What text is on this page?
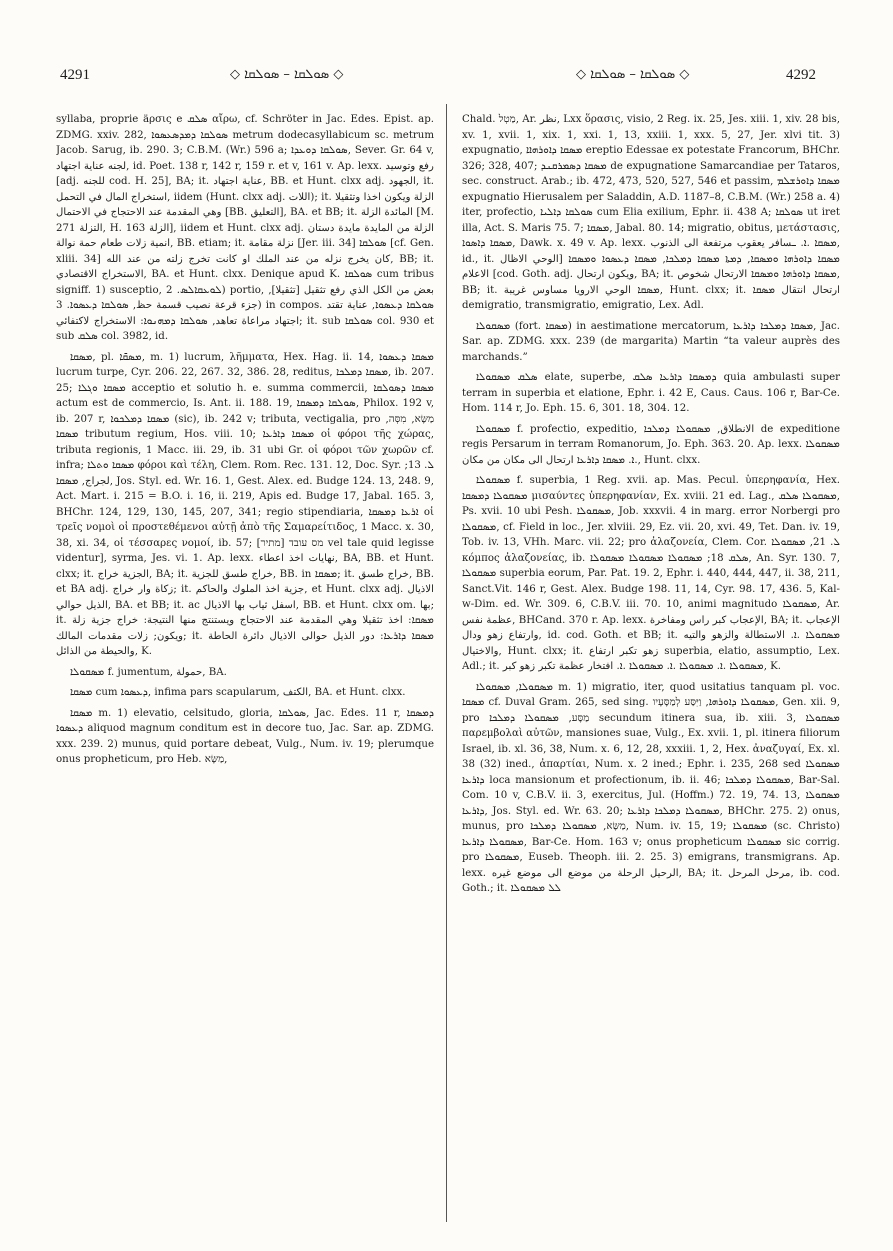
4291	◇ ܣܘܠܩܐ – ܣܘܠܩܐ ◇	◇ ܣܘܠܩܐ – ܣܘܠܩܐ ◇	4292

syllaba, proprie äρσις e ܣܠܩ αἴρω, cf. Schröter in Jac. Edes. Epist. ap. ZDMG. xxiv. 282, ܣܘܠܩܐ ܕܡܕܣܥܣܘܐ metrum dodecasyllabicum sc. metrum Jacob. Sarug, ib. 290. 3; C.B.M. (Wr.) 596 a; ܣܘܠܩܐ ܕܘܥܕܐ, Sever. Gr. 64 v, لجنه عناية اجتهاد, id. Poet. 138 r, 142 r, 159 r. et v, 161 v. Ap. lexx. رفع وتوسيد [adj. للجنه cod. H. 25], BA; it. عناية اجتهاد, BB. et Hunt. clxx adj. الجهود, it. استخراج المال في التحمل, iidem (Hunt. clxx adj. اللات); it. الزلة ويكون اخذا وتثقيلا وهي المقدمة عند الاحتجاج في الاحتمال [BB. التعليق], BA. et BB; it. المائدة الزلة [M. 271 التزلة, H. 163 الزلة], iidem et Hunt. clxx adj. الزلة من المايدة مايدة دستان انمية زلات طعام حمة نوالة, BB. etiam; it. نزلة مقامة [Jer. iii. 34] ܣܘܠܩܐ [cf. Gen. xliii. 34] كان يخرج نزله من عند الملك او كانت تخرج زلته من عند الله, BB; it. الاستخراج الاقتصادي, BA. et Hunt. clxx. Denique apud K. ܣܘܠܩܐ cum tribus signiff. 1) susceptio, ܠܘܥܩܐܠܣ. 2) portio, بعض من الكل الذي رفع تثقيل [تثقيلا], جزء قرعة نصيب قسمة حظ, ܣܘܠܩܐ ܕܥܣܘܐ. 3) in compos. ܣܘܠܩܐ ܕܥܣܘܐ, عناية تقتد اجتهاد مراعاة تعاهد, ܣܘܠܩܐ ܕܡܗܢܘܐ: الاستخراج لاكتفائي; it. sub ܣܘܠܩܐ col. 930 et sub ܣܠܩ col. 3982, id.

ܡܣܩܐ, pl. ܡܣܩ̄ܐ, m. 1) lucrum, λῆμματα, Hex. Hag. ii. 14, ܡܣܩܐ ܕܥܣܘܐ lucrum turpe, Cyr. 206. 22, 267. 32, 386. 28, reditus, ܡܣܩܐ ܕܡܠܟܐ, ib. 207. 25; ܡܣܩܐ ܘܓܠܐ acceptio et solutio h. e. summa commercii, ܡܣܩܐ ܕܣܘܠܩܐ actum est de commercio, Is. Ant. ii. 188. 19, ܣܘܠܩܐ ܕܡܣܩܐ, Philox. 192 v, ib. 207 r, ܡܣܩܐ ܕܡܠܟܘܐ (sic), ib. 242 v; tributa, vectigalia, pro מַשָּׂא, מִסְּה, ܡܣܩܐ tributum regium, Hos. viii. 10; ܡܣܩܐ ܕܐܪܥܐ οἱ φόροι τῆς χώρας, tributa regionis, 1 Macc. iii. 29, ib. 31 ubi Gr. οἱ φόροι τῶν χωρῶν cf. infra; ܡܣܩܐ ܘܬܠܐ φόροι καὶ τέλη, Clem. Rom. Rec. 131. 12, Doc. Syr. ܠ. 13; لجراج, ܡܣܩܐ, Jos. Styl. ed. Wr. 16. 1, Gest. Alex. ed. Budge 124. 13, 248. 9, Act. Mart. i. 215 = B.O. i. 16, ii. 219, Apis ed. Budge 17, Jabal. 165. 3, BHChr. 124, 129, 130, 145, 207, 341; regio stipendiaria, ܐܪܥܐ ܕܡܣܩܐ οἱ τρεῖς νομοὶ οἱ προστεθέμενοι αὐτῇ ἀπὸ τῆς Σαμαρείτιδος, 1 Macc. x. 30, 38, xi. 34, οἱ τέσσαρες νομοί, ib. 57; מס עובד [מתיר] vel tale quid legisse videntur], syrma, Jes. vi. 1. Ap. lexx. نهايات اخذ اعطاء, BA, BB. et Hunt. clxx; it. الجزية خراج, BA; it. خراج طسق للجزية, BB. in ܡܣܩܐ; it. خراج طسق, BB. et BA adj. زكاة وار خراج; it. جزية اخذ الملوك والحاكم, et Hunt. clxx adj. الاذيال الذيل حوالي, BA. et BB; it. ac اسفل ثياب بها الاذيال, BB. et Hunt. clxx om. بها; it. ܡܣܩܐ: اخذ تثقيلا وهي المقدمة عند الاحتجاج ويستنتج منها النتيجة: خراج جزية زلة ويكون; زلات مقدمات المالك; it. ܡܣܩܐ ܕܐܪܥܐ: دور الذيل حوالى الاذيال دائرة الحاطة والحيطة من الذائل, K.

ܡܣܩܘܠܐ f. jumentum, حمولة, BA.

ܡܣܩܐ cum ܕܥܣܘܐ, infima pars scapularum, الكتف, BA. et Hunt. clxx.

ܡܣܩܐ m. 1) elevatio, celsitudo, gloria, ܣܘܠܩܐ, Jac. Edes. 11 r, ܕܡܣܩܐ ܕܥܣܘܐ aliquod magnum conditum est in decore tuo, Jac. Sar. ap. ZDMG. xxx. 239. 2) munus, quid portare debeat, Vulg., Num. iv. 19; plerumque onus propheticum, pro Heb. מַשָּׂא,

Chald. מַטְל, Ar. نظر, Lxx ὅρασις, visio, 2 Reg. ix. 25, Jes. xiii. 1, xiv. 28 bis, xv. 1, xvii. 1, xix. 1, xxi. 1, 13, xxiii. 1, xxx. 5, 27, Jer. xlvi tit. 3) expugnatio, ܡܣܩܐ ܕܐܘܪܗܐܐ ereptio Edessae ex potestate Francorum, BHChr. 326; 328, 407; ܡܣܩܐ ܕܣܡܪܩܢܕ de expugnatione Samarcandiae per Tataros, sec. construct. Arab.; ib. 472, 473, 520, 527, 546 et passim, ܡܣܩܐ ܕܐܘܪܫܠܡ expugnatio Hierusalem per Saladdin, A.D. 1187–8, C.B.M. (Wr.) 258 a. 4) iter, profectio, ܣܘܠܩܐ ܕܐܠܝܐ cum Elia exilium, Ephr. ii. 438 A; ܣܘܠܩܐ ut iret illa, Act. S. Maris 75. 7; ܡܣܩܐ, Jabal. 80. 14; migratio, obitus, μετάστασις, ܡܣܩܐ ܕܐܣܘܐ, Dawk. x. 49 v. Ap. lexx. ܡܣܩܐ .ܐ. ـسافر يعقوب مرتفعة الى الذنوب, id., it. ܡܣܩܐ ܕܐܘܪܗܐ ܘܡܣܩܐ, ܕܡܬܐ ܡܣܩܐ ܕܡܠܟܐ, ܡܣܩܐ ܕܥܣܘܐ ܘܡܣܩܐ [الوحي الاظال الاعلام [cod. Goth. adj. ويكون ارتحال, BA; it. ܡܣܩܐ ܕܐܘܪܗܐ ܘܡܣܩܐ الارتحال شخوص, BB; it. ܡܣܩܐ الوحي الارويا مساوس غريبة, Hunt. clxx; it. ارتحال انتقال ܡܣܩܐ demigratio, transmigratio, emigratio, Lex. Adl.

ܡܣܩܘܠܐ (fort. ܡܣܩܐ) in aestimatione mercatorum, ܡܣܩܐ ܕܡܠܟܐ ܕܐܪܥܐ, Jac. Sar. ap. ZDMG. xxx. 239 (de margarita) Martin “ta valeur auprès des marchands.”

ܣܠܩ ܡܣܩܘܠܐ elate, superbe, ܕܡܣܩܐ ܕܐܪܥܐ ܣܠܩ quia ambulasti super terram in superbia et elatione, Ephr. i. 42 E, Caus. Caus. 106 r, Bar-Ce. Hom. 114 r, Jo. Eph. 15. 6, 301. 18, 304. 12.

ܡܣܩܘܠܐ f. profectio, expeditio, الانطلاق, ܡܣܩܘܠܐ ܕܡܠܟܐ de expeditione regis Persarum in terram Romanorum, Jo. Eph. 363. 20. Ap. lexx. ܡܣܩܘܠܐ .ܐ. ܡܣܩܐ ܕܐܪܥܐ ارتحال الى مكان من مكان, Hunt. clxx.

ܡܣܩܘܠܐ f. superbia, 1 Reg. xvii. ap. Mas. Pecul. ὑπερηφανία, Hex. ܡܣܩܘܠܐ ܕܡܣܩܐ μισαύντες ὑπερηφανίαν, Ex. xviii. 21 ed. Lag., ܡܣܩܘܠܐ ܣܠܩ, Ps. xvii. 10 ubi Pesh. ܡܣܩܘܠܐ, Job. xxxvii. 4 in marg. error Norbergi pro ܡܣܩܘܠܐ, cf. Field in loc., Jer. xlviii. 29, Ez. vii. 20, xvi. 49, Tet. Dan. iv. 19, Tob. iv. 13, VHh. Marc. vii. 22; pro ἀλαζονεία, Clem. Cor. ܠ. 21, ܡܣܩܘܠܐ κόμπος ἀλαζονείας, ib. ܣܠܩ 18; ܡܣܩܘܠܐ ܡܣܩܘܠܐ ܡܣܩܘܠܐ, An. Syr. 130. 7, ܡܣܩܘܠܐ superbia eorum, Par. Pat. 19. 2, Ephr. i. 440, 444, 447, ii. 38, 211, Sanct.Vit. 146 r, Gest. Alex. Budge 198. 11, 14, Cyr. 98. 17, 436. 5, Kal-w-Dim. ed. Wr. 309. 6, C.B.V. iii. 70. 10, animi magnitudo ܡܣܩܘܠܐ, Ar. عظمة نفس, BHCand. 370 r. Ap. lexx. الإعجاب كبر راس ومفاخرة, BA; it. الإعجاب وارتفاع زهو ودال, id. cod. Goth. et BB; it. ܡܣܩܘܠܐ .ܐ. الاستطالة والزهو والتيه والاختيال, Hunt. clxx; it. زهو تكبر ارتفاع superbia, elatio, assumptio, Lex. Adl.; it. ܡܣܩܘܠܐ .ܐ. ܡܣܩܘܠܐ .ܐ. ܡܣܩܘܠܐ .ܐ. افتخار عظمة تكبر زهو كبر, K.

ܡܣܩܘܠܐ, ܡܣܩܘܠܐ m. 1) migratio, iter, quod usitatius tanquam pl. voc. ܡܣܩܐ cf. Duval Gram. 265, sed sing. ܡܣܩܘܠܐ ܕܐܘܪܗܐ, וַיִּסַּע לְמַסָּעָיו, Gen. xii. 9, pro מַסָּע, ܡܣܩܘܠܐ ܕܡܠܟܐ secundum itinera sua, ib. xiii. 3, ܡܣܩܘܠܐ παρεμβολαὶ αὐτῶν, mansiones suae, Vulg., Ex. xvii. 1, pl. itinera filiorum Israel, ib. xl. 36, 38, Num. x. 6, 12, 28, xxxiii. 1, 2, Hex. ἀναζυγαί, Ex. xl. 38 (32) ined., ἀπαρτίαι, Num. x. 2 ined.; Ephr. i. 235, 268 sed ܡܣܩܘܠܐ ܕܐܪܥܐ loca mansionum et profectionum, ib. ii. 46; ܡܣܩܘܠܐ ܕܡܠܟܐ, Bar-Sal. Com. 10 v, C.B.V. ii. 3, exercitus, Jul. (Hoffm.) 72. 19, 74. 13, ܡܣܩܘܠܐ ܕܐܪܥܐ, Jos. Styl. ed. Wr. 63. 20; ܡܣܩܘܠܐ ܕܡܠܟܐ ܕܐܪܥܐ, BHChr. 275. 2) onus, munus, pro מַשָּׂא, ܡܣܩܘܠܐ ܕܡܠܟܐ, Num. iv. 15, 19; ܡܣܩܘܠܐ (sc. Christo) ܡܣܩܘܠܐ ܕܐܪܥܐ, Bar-Ce. Hom. 163 v; onus propheticum ܡܣܩܘܠܐ sic corrig. pro ܡܣܩܘܠܐ, Euseb. Theoph. iii. 2. 25. 3) emigrans, transmigrans. Ap. lexx. الرحيل الرحلة من موضع الى موضع غيره, BA; it. مرحل المرحل, ib. cod. Goth.; it. ܠܠ ܡܣܩܘܠܐ
